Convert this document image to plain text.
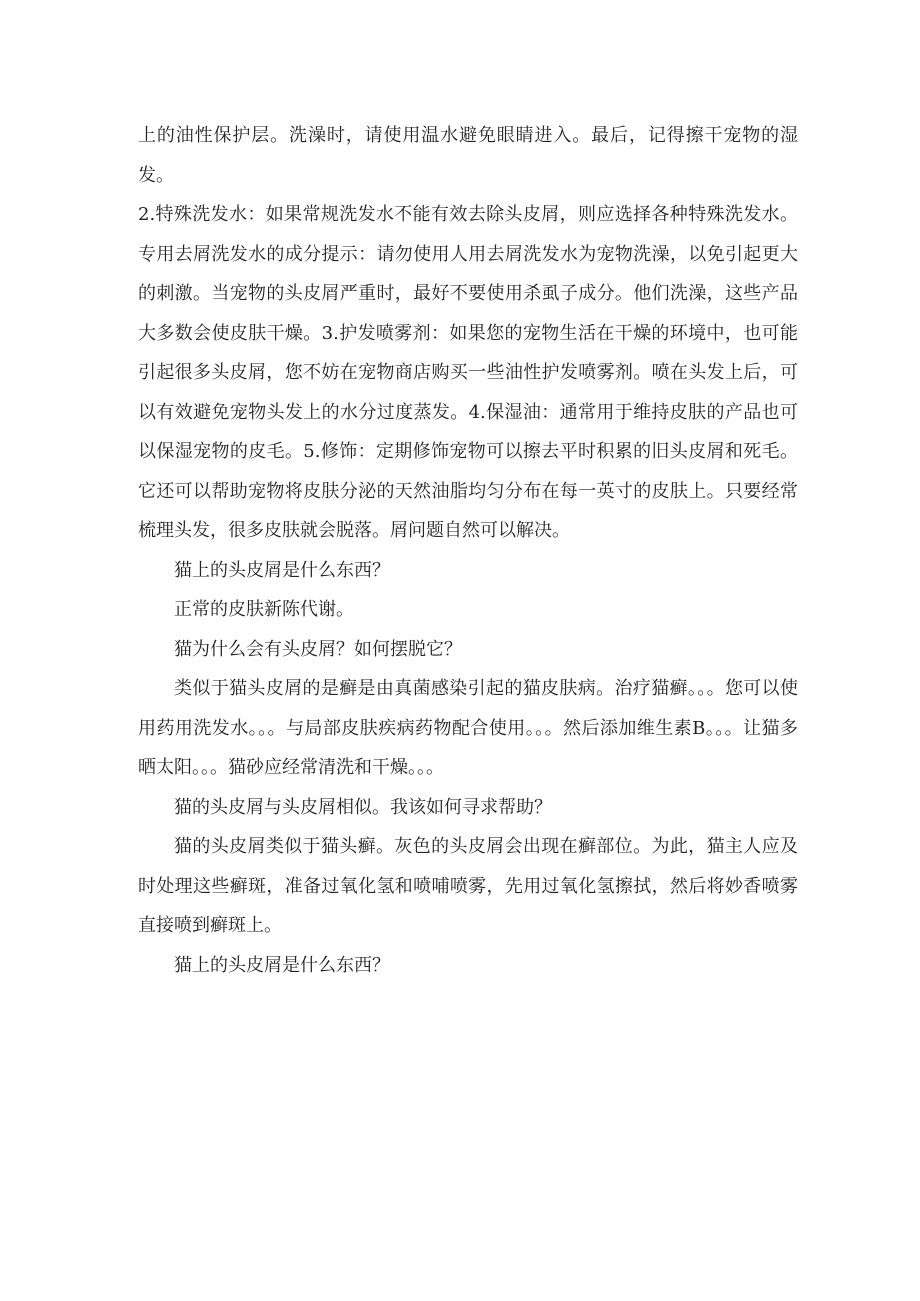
上的油性保护层。洗澡时，请使用温水避免眼睛进入。最后，记得擦干宠物的湿发。

2.特殊洗发水：如果常规洗发水不能有效去除头皮屑，则应选择各种特殊洗发水。专用去屑洗发水的成分提示：请勿使用人用去屑洗发水为宠物洗澡，以免引起更大的刺激。当宠物的头皮屑严重时，最好不要使用杀虱子成分。他们洗澡，这些产品大多数会使皮肤干燥。3.护发喷雾剂：如果您的宠物生活在干燥的环境中，也可能引起很多头皮屑，您不妨在宠物商店购买一些油性护发喷雾剂。喷在头发上后，可以有效避免宠物头发上的水分过度蒸发。4.保湿油：通常用于维持皮肤的产品也可以保湿宠物的皮毛。5.修饰：定期修饰宠物可以擦去平时积累的旧头皮屑和死毛。它还可以帮助宠物将皮肤分泌的天然油脂均匀分布在每一英寸的皮肤上。只要经常梳理头发，很多皮肤就会脱落。屑问题自然可以解决。

猫上的头皮屑是什么东西？

正常的皮肤新陈代谢。

猫为什么会有头皮屑？如何摆脱它？

类似于猫头皮屑的是癣是由真菌感染引起的猫皮肤病。治疗猫癣。。。您可以使用药用洗发水。。。与局部皮肤疾病药物配合使用。。。然后添加维生素B。。。让猫多晒太阳。。。猫砂应经常清洗和干燥。。。

猫的头皮屑与头皮屑相似。我该如何寻求帮助？

猫的头皮屑类似于猫头癣。灰色的头皮屑会出现在癣部位。为此，猫主人应及时处理这些癣斑，准备过氧化氢和喷哺喷雾，先用过氧化氢擦拭，然后将妙香喷雾直接喷到癣斑上。

猫上的头皮屑是什么东西？
